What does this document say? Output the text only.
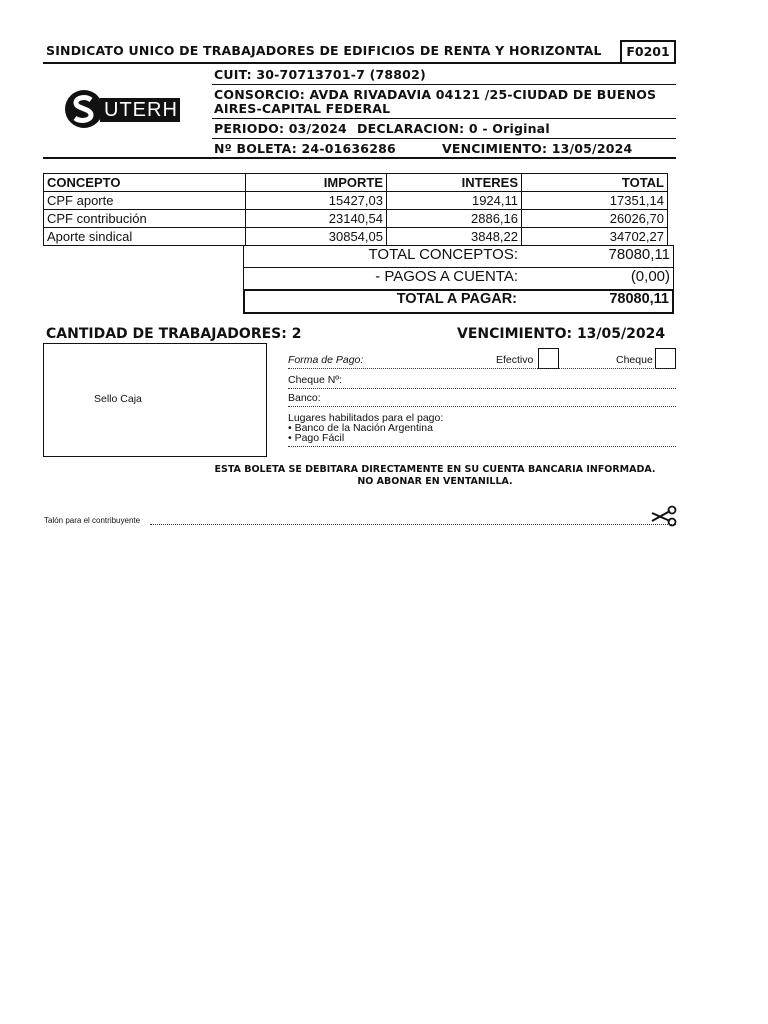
SINDICATO UNICO DE TRABAJADORES DE EDIFICIOS DE RENTA Y HORIZONTAL	F0201
UTERH
CUIT: 30-70713701-7 (78802)
CONSORCIO: AVDA RIVADAVIA 04121 /25-CIUDAD DE BUENOS
AIRES-CAPITAL FEDERAL
PERIODO: 03/2024 DECLARACION: 0 - Original
Nº BOLETA: 24-01636286	VENCIMIENTO: 13/05/2024
CONCEPTO	IMPORTE	INTERES	TOTAL
CPF aporte	15427,03	1924,11	17351,14
CPF contribución	23140,54	2886,16	26026,70
Aporte sindical	30854,05	3848,22	34702,27
TOTAL CONCEPTOS:	78080,11
- PAGOS A CUENTA:	(0,00)
TOTAL A PAGAR:	78080,11
CANTIDAD DE TRABAJADORES: 2	VENCIMIENTO: 13/05/2024
Sello Caja
Forma de Pago:	Efectivo	Cheque
Cheque Nº:
Banco:
Lugares habilitados para el pago:
• Banco de la Nación Argentina
• Pago Fácil
ESTA BOLETA SE DEBITARA DIRECTAMENTE EN SU CUENTA BANCARIA INFORMADA.
NO ABONAR EN VENTANILLA.
Talón para el contribuyente
